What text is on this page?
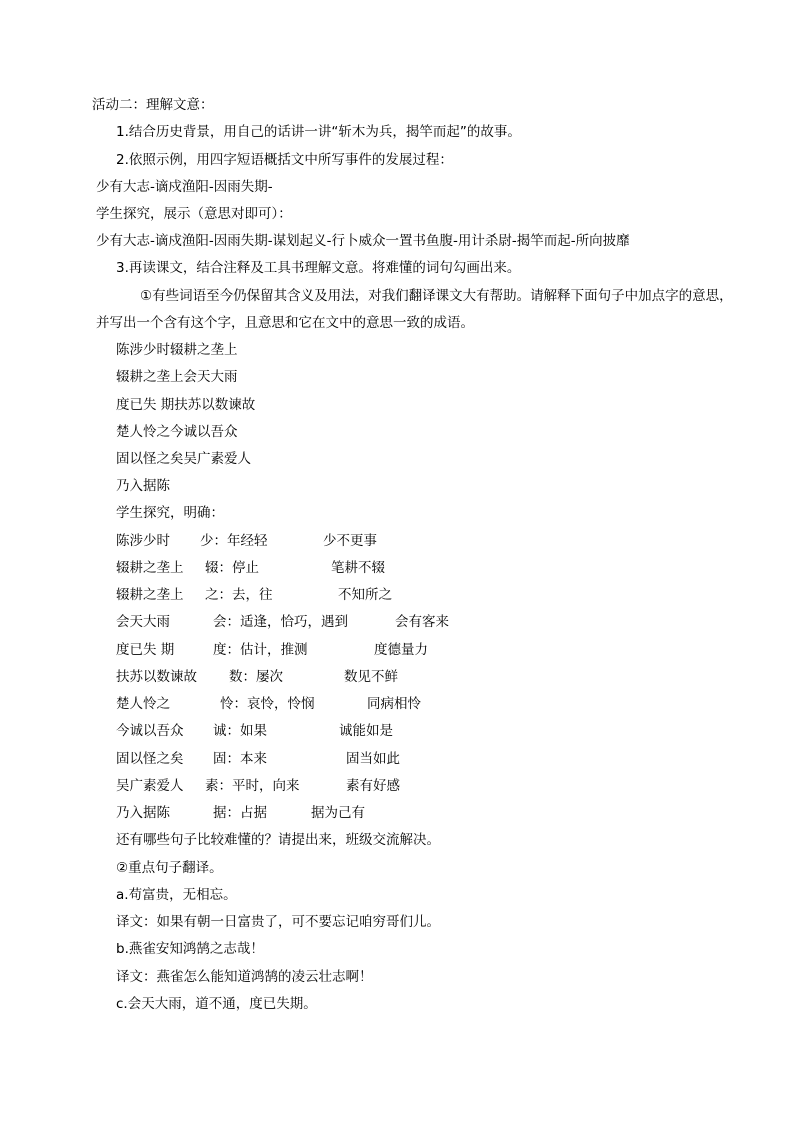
活动二：理解文意：
1.结合历史背景，用自己的话讲一讲“斩木为兵，揭竿而起”的故事。
2.依照示例，用四字短语概括文中所写事件的发展过程：
少有大志-谪戍渔阳-因雨失期-
学生探究，展示（意思对即可）：
少有大志-谪戍渔阳-因雨失期-谋划起义-行卜威众一置书鱼腹-用计杀尉-揭竿而起-所向披靡
3.再读课文，结合注释及工具书理解文意。将难懂的词句勾画出来。
①有些词语至今仍保留其含义及用法，对我们翻译课文大有帮助。请解释下面句子中加点字的意思，
并写出一个含有这个字，且意思和它在文中的意思一致的成语。
陈涉少时辍耕之垄上
辍耕之垄上会天大雨
度已失 期扶苏以数谏故
楚人怜之今诚以吾众
固以怪之矣吴广素爱人
乃入据陈
学生探究，明确：
陈涉少时 少：年经轻	少不更事
辍耕之垄上 辍：停止	笔耕不辍
辍耕之垄上 之：去，往	不知所之
会天大雨	会：适逢，恰巧，遇到	会有客来
度已失 期	度：估计，推测	度德量力
扶苏以数谏故 数：屡次	数见不鲜
楚人怜之	怜：哀怜，怜悯	同病相怜
今诚以吾众 诚：如果	诚能如是
固以怪之矣 固：本来	固当如此
吴广素爱人 素：平时，向来	素有好感
乃入据陈	据：占据	据为己有
还有哪些句子比较难懂的？请提出来，班级交流解决。
②重点句子翻译。
a.苟富贵，无相忘。
译文：如果有朝一日富贵了，可不要忘记咱穷哥们儿。
b.燕雀安知鸿鹄之志哉！
译文：燕雀怎么能知道鸿鹄的凌云壮志啊！
c.会天大雨，道不通，度已失期。
